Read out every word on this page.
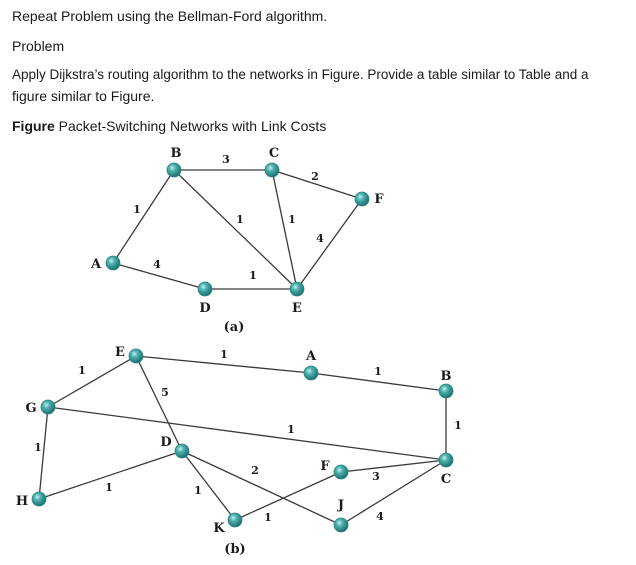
Repeat Problem using the Bellman-Ford algorithm.

Problem

Apply Dijkstra’s routing algorithm to the networks in Figure. Provide a table similar to Table and a

figure similar to Figure.

Figure Packet-Switching Networks with Link Costs

3
2
1
1	1
4
4
1
1
1
1
5
1	1
1
1	1
2	3
1	4
B	C
F
A
D	E
E	A
B
G
D
C
F
J
H
K
(a)
(b)
